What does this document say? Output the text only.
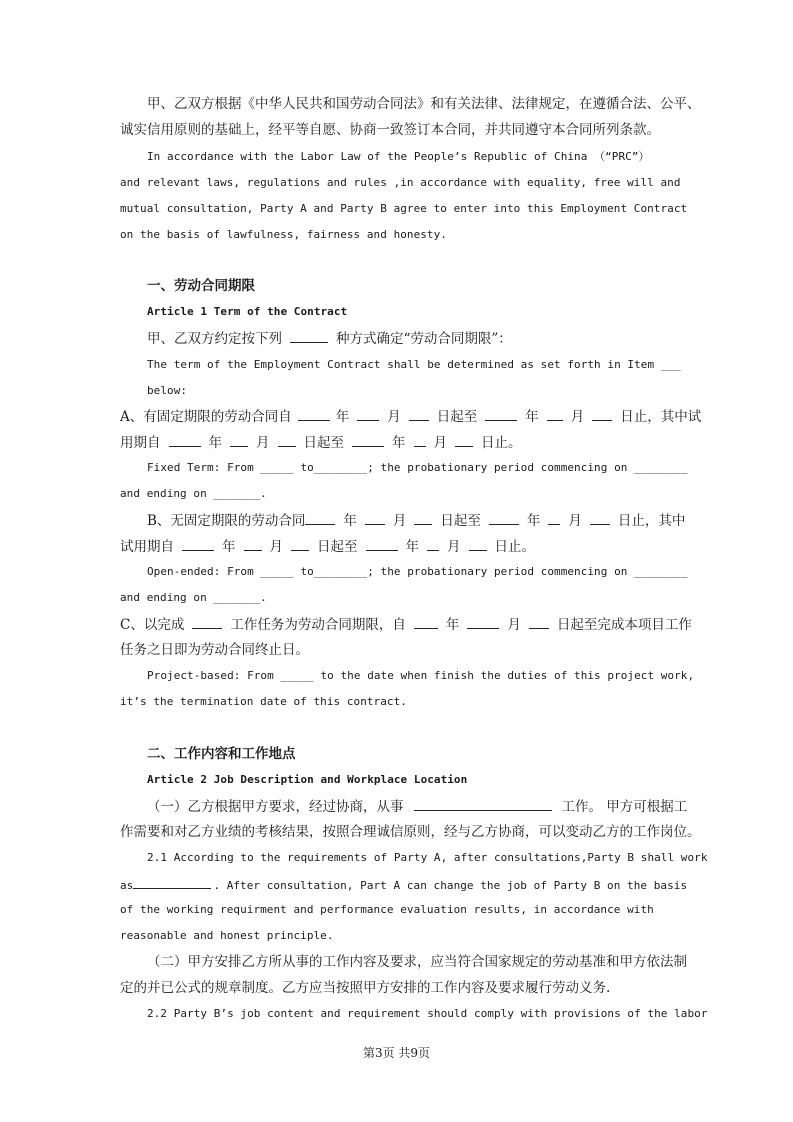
甲、乙双方根据《中华人民共和国劳动合同法》和有关法律、法律规定，在遵循合法、公平、
诚实信用原则的基础上，经平等自愿、协商一致签订本合同，并共同遵守本合同所列条款。
In accordance with the Labor Law of the People’s Republic of China （“PRC”）
and relevant laws, regulations and rules ,in accordance with equality, free will and
mutual consultation, Party A and Party B agree to enter into this Employment Contract
on the basis of lawfulness, fairness and honesty.
一、劳动合同期限
Article 1 Term of the Contract
甲、乙双方约定按下列	种方式确定“劳动合同期限”：
The term of the Employment Contract shall be determined as set forth in Item ___
below:
A、有固定期限的劳动合同自	年	月	日起至	年 月	日止，其中试
用期自	年	月	日起至	年 月	日止。
Fixed Term: From _____ to________; the probationary period commencing on ________
and ending on _______.
B、无固定期限的劳动合同	年	月	日起至	年 月	日止，其中
试用期自	年	月	日起至	年 月	日止。
Open-ended: From _____ to________; the probationary period commencing on ________
and ending on _______.
C、以完成	工作任务为劳动合同期限，自	年	月	日起至完成本项目工作
任务之日即为劳动合同终止日。
Project-based: From _____ to the date when finish the duties of this project work,
it’s the termination date of this contract.
二、工作内容和工作地点
Article 2 Job Description and Workplace Location
（一）乙方根据甲方要求，经过协商，从事	工作。 甲方可根据工
作需要和对乙方业绩的考核结果，按照合理诚信原则，经与乙方协商，可以变动乙方的工作岗位。
2.1 According to the requirements of Party A, after consultations,Party B shall work
as	. After consultation, Part A can change the job of Party B on the basis
of the working requirment and performance evaluation results, in accordance with
reasonable and honest principle.
（二）甲方安排乙方所从事的工作内容及要求，应当符合国家规定的劳动基准和甲方依法制
定的并已公式的规章制度。乙方应当按照甲方安排的工作内容及要求履行劳动义务.
2.2 Party B’s job content and requirement should comply with provisions of the labor
第3页 共9页
